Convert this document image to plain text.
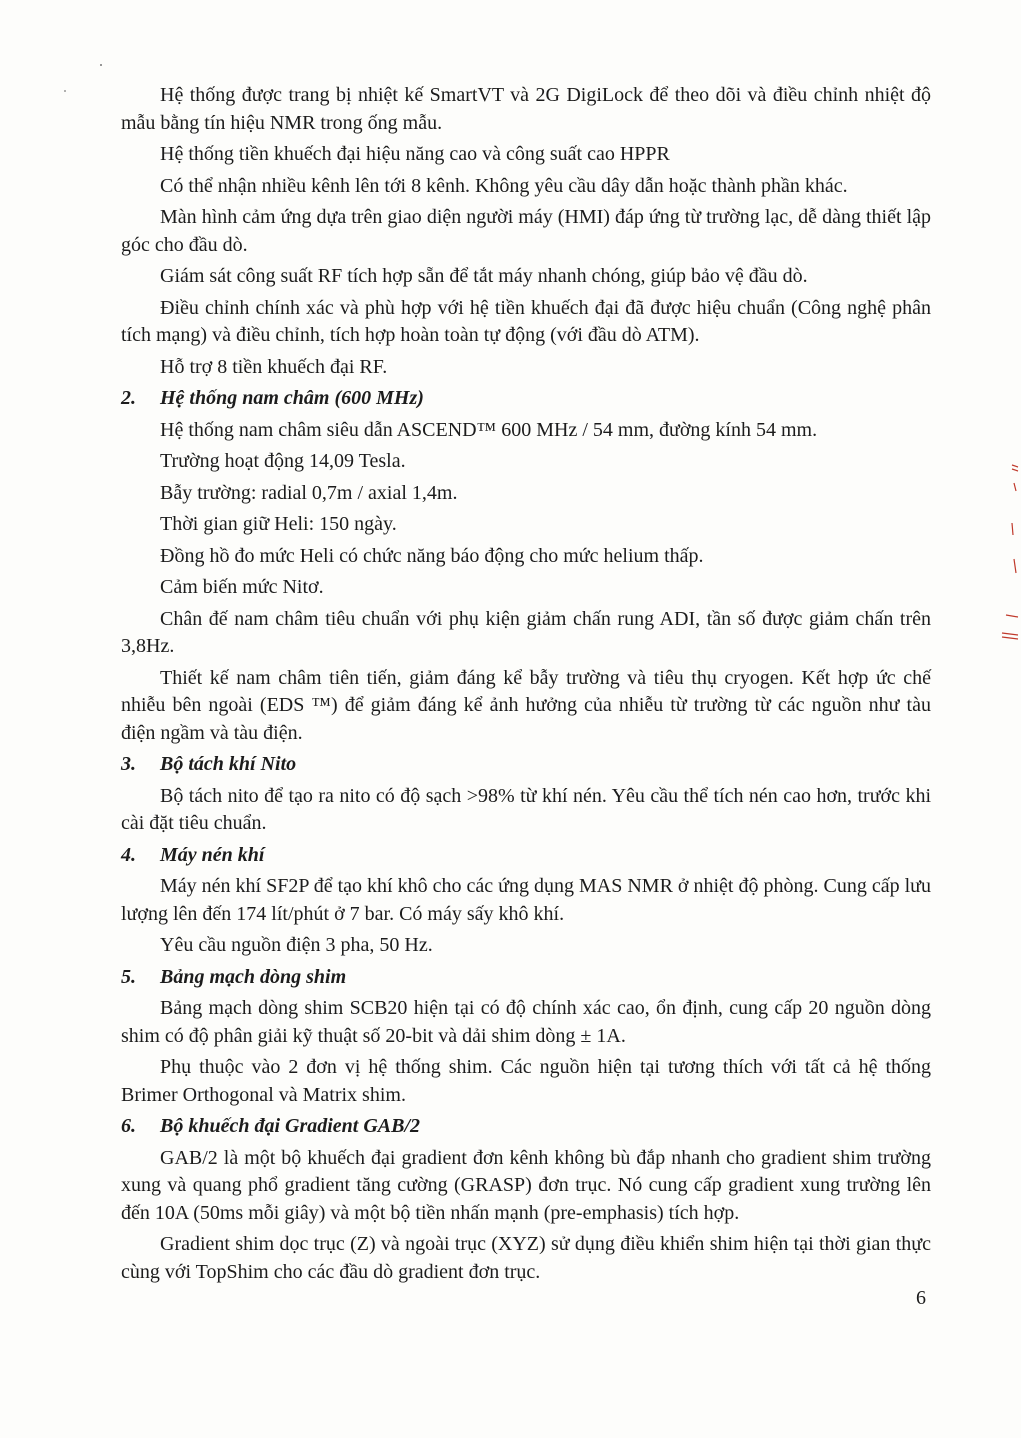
Hệ thống được trang bị nhiệt kế SmartVT và 2G DigiLock để theo dõi và điều chỉnh nhiệt độ mẫu bằng tín hiệu NMR trong ống mẫu.

Hệ thống tiền khuếch đại hiệu năng cao và công suất cao HPPR

Có thể nhận nhiều kênh lên tới 8 kênh. Không yêu cầu dây dẫn hoặc thành phần khác.

Màn hình cảm ứng dựa trên giao diện người máy (HMI) đáp ứng từ trường lạc, dễ dàng thiết lập góc cho đầu dò.

Giám sát công suất RF tích hợp sẵn để tắt máy nhanh chóng, giúp bảo vệ đầu dò.

Điều chỉnh chính xác và phù hợp với hệ tiền khuếch đại đã được hiệu chuẩn (Công nghệ phân tích mạng) và điều chỉnh, tích hợp hoàn toàn tự động (với đầu dò ATM).

Hỗ trợ 8 tiền khuếch đại RF.

2. Hệ thống nam châm (600 MHz)

Hệ thống nam châm siêu dẫn ASCEND™ 600 MHz / 54 mm, đường kính 54 mm.

Trường hoạt động 14,09 Tesla.

Bẫy trường: radial 0,7m / axial 1,4m.

Thời gian giữ Heli: 150 ngày.

Đồng hồ đo mức Heli có chức năng báo động cho mức helium thấp.

Cảm biến mức Nitơ.

Chân đế nam châm tiêu chuẩn với phụ kiện giảm chấn rung ADI, tần số được giảm chấn trên 3,8Hz.

Thiết kế nam châm tiên tiến, giảm đáng kể bẫy trường và tiêu thụ cryogen. Kết hợp ức chế nhiễu bên ngoài (EDS ™) để giảm đáng kể ảnh hưởng của nhiễu từ trường từ các nguồn như tàu điện ngầm và tàu điện.

3. Bộ tách khí Nito

Bộ tách nito để tạo ra nito có độ sạch >98% từ khí nén. Yêu cầu thể tích nén cao hơn, trước khi cài đặt tiêu chuẩn.

4. Máy nén khí

Máy nén khí SF2P để tạo khí khô cho các ứng dụng MAS NMR ở nhiệt độ phòng. Cung cấp lưu lượng lên đến 174 lít/phút ở 7 bar. Có máy sấy khô khí.

Yêu cầu nguồn điện 3 pha, 50 Hz.

5. Bảng mạch dòng shim

Bảng mạch dòng shim SCB20 hiện tại có độ chính xác cao, ổn định, cung cấp 20 nguồn dòng shim có độ phân giải kỹ thuật số 20-bit và dải shim dòng ± 1A.

Phụ thuộc vào 2 đơn vị hệ thống shim. Các nguồn hiện tại tương thích với tất cả hệ thống Brimer Orthogonal và Matrix shim.

6. Bộ khuếch đại Gradient GAB/2

GAB/2 là một bộ khuếch đại gradient đơn kênh không bù đắp nhanh cho gradient shim trường xung và quang phổ gradient tăng cường (GRASP) đơn trục. Nó cung cấp gradient xung trường lên đến 10A (50ms mỗi giây) và một bộ tiền nhấn mạnh (pre-emphasis) tích hợp.

Gradient shim dọc trục (Z) và ngoài trục (XYZ) sử dụng điều khiển shim hiện tại thời gian thực cùng với TopShim cho các đầu dò gradient đơn trục.

6
